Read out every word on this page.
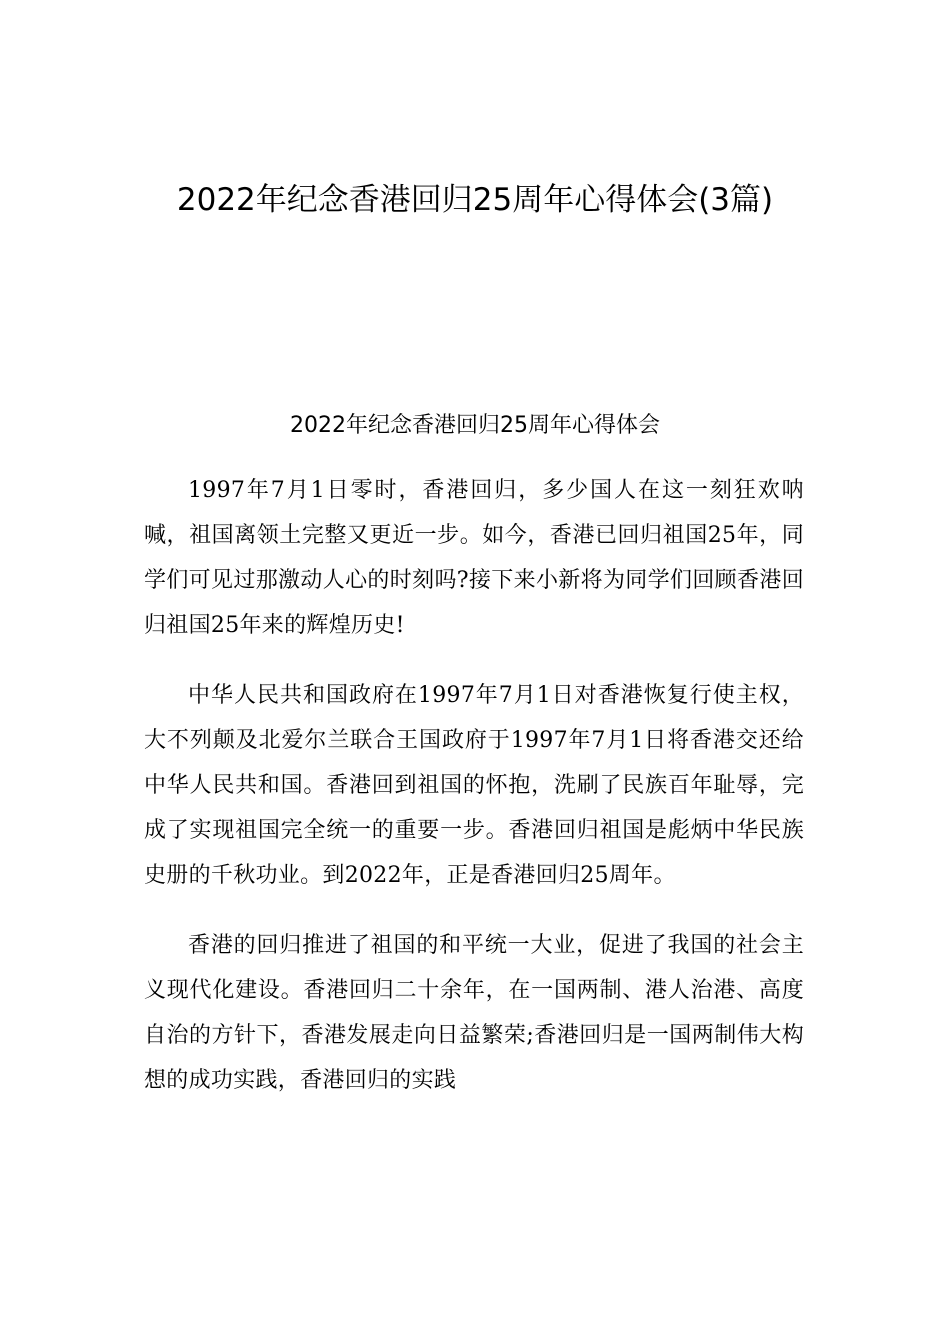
2022年纪念香港回归25周年心得体会(3篇)
2022年纪念香港回归25周年心得体会

1997年7月1日零时，香港回归，多少国人在这一刻狂欢呐喊，祖国离领土完整又更近一步。如今，香港已回归祖国25年，同学们可见过那激动人心的时刻吗?接下来小新将为同学们回顾香港回归祖国25年来的辉煌历史!

中华人民共和国政府在1997年7月1日对香港恢复行使主权，大不列颠及北爱尔兰联合王国政府于1997年7月1日将香港交还给中华人民共和国。香港回到祖国的怀抱，洗刷了民族百年耻辱，完成了实现祖国完全统一的重要一步。香港回归祖国是彪炳中华民族史册的千秋功业。到2022年，正是香港回归25周年。

香港的回归推进了祖国的和平统一大业，促进了我国的社会主义现代化建设。香港回归二十余年，在一国两制、港人治港、高度自治的方针下，香港发展走向日益繁荣;香港回归是一国两制伟大构想的成功实践，香港回归的实践
